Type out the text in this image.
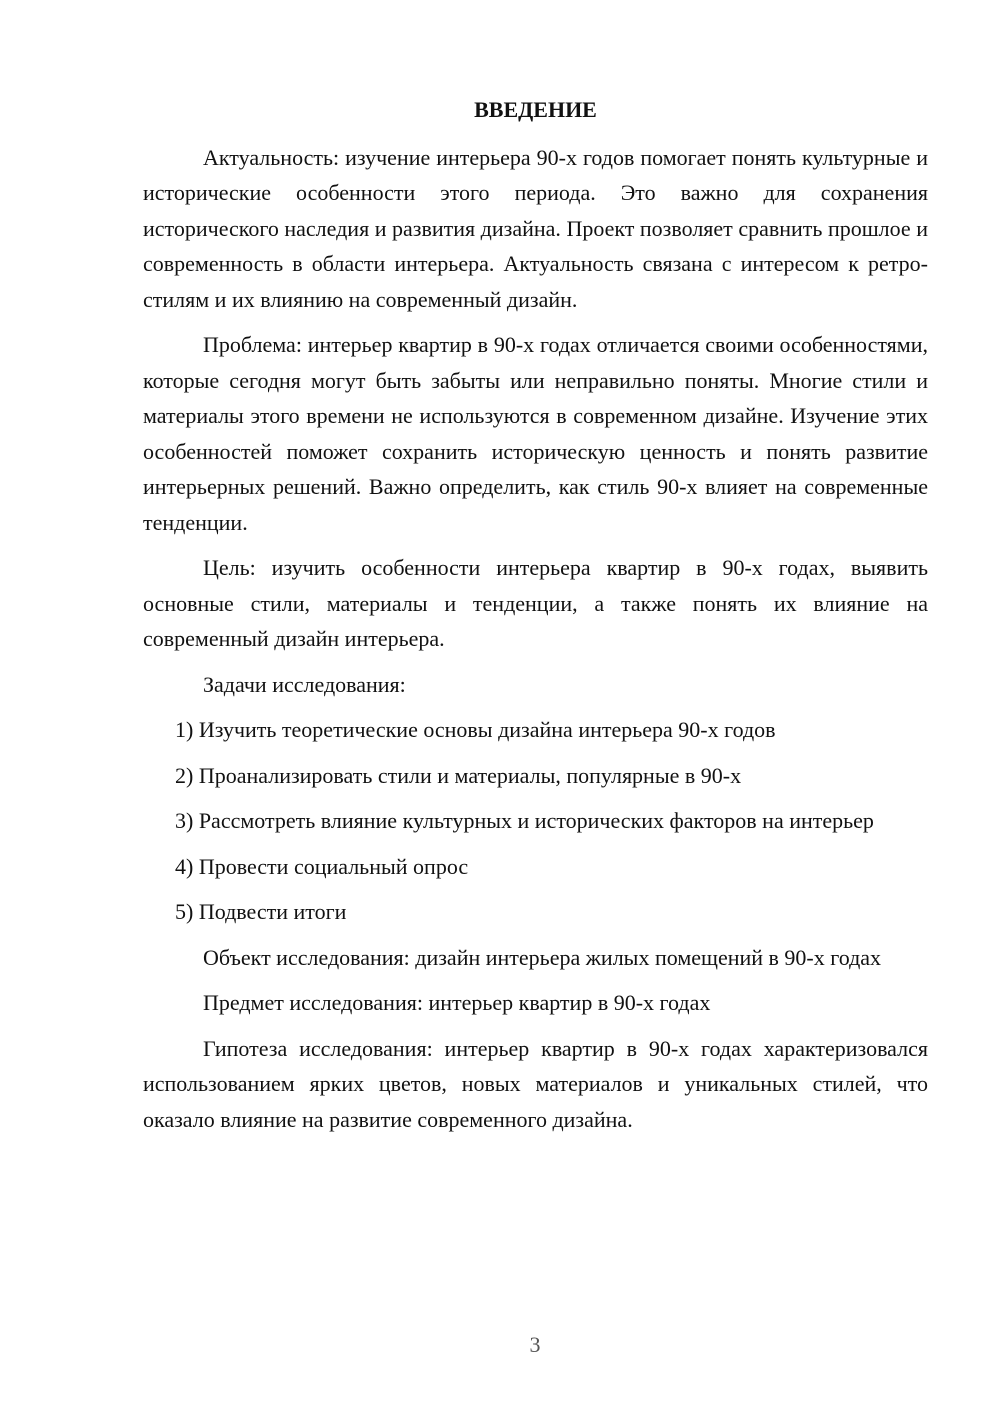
ВВЕДЕНИЕ

Актуальность: изучение интерьера 90-х годов помогает понять культурные и исторические особенности этого периода. Это важно для сохранения исторического наследия и развития дизайна. Проект позволяет сравнить прошлое и современность в области интерьера. Актуальность связана с интересом к ретро-стилям и их влиянию на современный дизайн.

Проблема: интерьер квартир в 90-х годах отличается своими особенностями, которые сегодня могут быть забыты или неправильно поняты. Многие стили и материалы этого времени не используются в современном дизайне. Изучение этих особенностей поможет сохранить историческую ценность и понять развитие интерьерных решений. Важно определить, как стиль 90-х влияет на современные тенденции.

Цель: изучить особенности интерьера квартир в 90-х годах, выявить основные стили, материалы и тенденции, а также понять их влияние на современный дизайн интерьера.

Задачи исследования:

1) Изучить теоретические основы дизайна интерьера 90-х годов

2) Проанализировать стили и материалы, популярные в 90-х

3) Рассмотреть влияние культурных и исторических факторов на интерьер

4) Провести социальный опрос

5) Подвести итоги

Объект исследования: дизайн интерьера жилых помещений в 90-х годах

Предмет исследования: интерьер квартир в 90-х годах

Гипотеза исследования: интерьер квартир в 90-х годах характеризовался использованием ярких цветов, новых материалов и уникальных стилей, что оказало влияние на развитие современного дизайна.

3
